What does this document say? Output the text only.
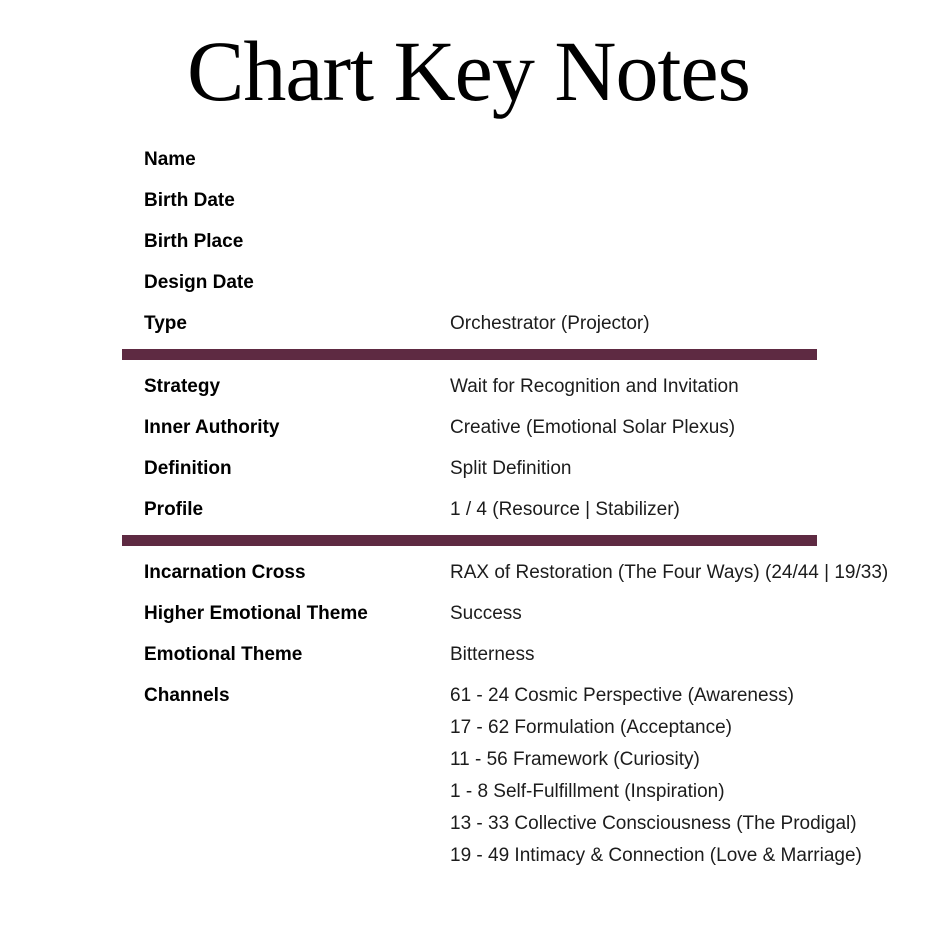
Chart Key Notes
Name
Birth Date
Birth Place
Design Date
Type	Orchestrator (Projector)
Strategy	Wait for Recognition and Invitation
Inner Authority	Creative (Emotional Solar Plexus)
Definition	Split Definition
Profile	1 / 4 (Resource | Stabilizer)
Incarnation Cross	RAX of Restoration (The Four Ways) (24/44 | 19/33)
Higher Emotional Theme	Success
Emotional Theme	Bitterness
Channels	61 - 24 Cosmic Perspective (Awareness)
17 - 62 Formulation (Acceptance)
11 - 56 Framework (Curiosity)
1 - 8 Self-Fulfillment (Inspiration)
13 - 33 Collective Consciousness (The Prodigal)
19 - 49 Intimacy & Connection (Love & Marriage)
